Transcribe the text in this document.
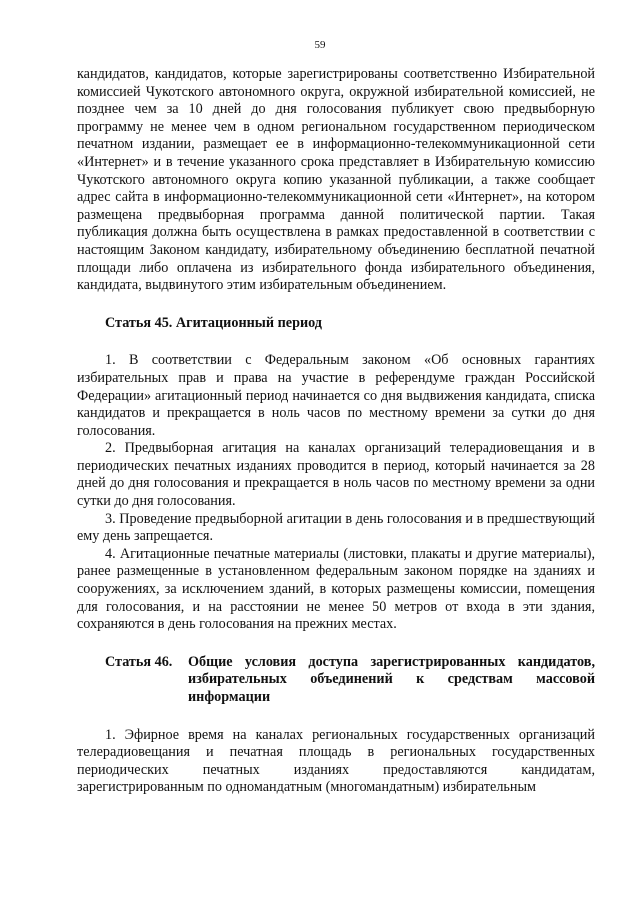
59

кандидатов, кандидатов, которые зарегистрированы соответственно Избирательной комиссией Чукотского автономного округа, окружной избирательной комиссией, не позднее чем за 10 дней до дня голосования публикует свою предвыборную программу не менее чем в одном региональном государственном периодическом печатном издании, размещает ее в информационно-телекоммуникационной сети «Интернет» и в течение указанного срока представляет в Избирательную комиссию Чукотского автономного округа копию указанной публикации, а также сообщает адрес сайта в информационно-телекоммуникационной сети «Интернет», на котором размещена предвыборная программа данной политической партии. Такая публикация должна быть осуществлена в рамках предоставленной в соответствии с настоящим Законом кандидату, избирательному объединению бесплатной печатной площади либо оплачена из избирательного фонда избирательного объединения, кандидата, выдвинутого этим избирательным объединением.

Статья 45. Агитационный период

1. В соответствии с Федеральным законом «Об основных гарантиях избирательных прав и права на участие в референдуме граждан Российской Федерации» агитационный период начинается со дня выдвижения кандидата, списка кандидатов и прекращается в ноль часов по местному времени за сутки до дня голосования.

2. Предвыборная агитация на каналах организаций телерадиовещания и в периодических печатных изданиях проводится в период, который начинается за 28 дней до дня голосования и прекращается в ноль часов по местному времени за одни сутки до дня голосования.

3. Проведение предвыборной агитации в день голосования и в предшествующий ему день запрещается.

4. Агитационные печатные материалы (листовки, плакаты и другие материалы), ранее размещенные в установленном федеральным законом порядке на зданиях и сооружениях, за исключением зданий, в которых размещены комиссии, помещения для голосования, и на расстоянии не менее 50 метров от входа в эти здания, сохраняются в день голосования на прежних местах.

Статья 46.	Общие условия доступа зарегистрированных кандидатов, избирательных объединений к средствам массовой информации

1. Эфирное время на каналах региональных государственных организаций телерадиовещания и печатная площадь в региональных государственных периодических печатных изданиях предоставляются кандидатам, зарегистрированным по одномандатным (многомандатным) избирательным
